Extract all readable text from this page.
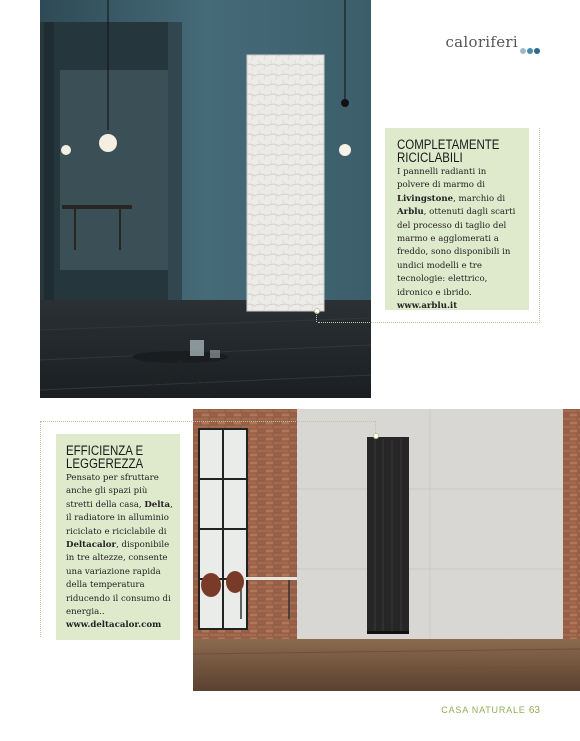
caloriferi
COMPLETAMENTE
RICICLABILI
I pannelli radianti in polvere di marmo di Livingstone, marchio di Arblu, ottenuti dagli scarti del processo di taglio del marmo e agglomerati a freddo, sono disponibili in undici modelli e tre tecnologie: elettrico, idronico e ibrido.
www.arblu.it
EFFICIENZA E
LEGGEREZZA
Pensato per sfruttare anche gli spazi più stretti della casa, Delta, il radiatore in alluminio riciclato e riciclabile di Deltacalor, disponibile in tre altezze, consente una variazione rapida della temperatura riducendo il consumo di energia..
www.deltacalor.com
CASA NATURALE 63
